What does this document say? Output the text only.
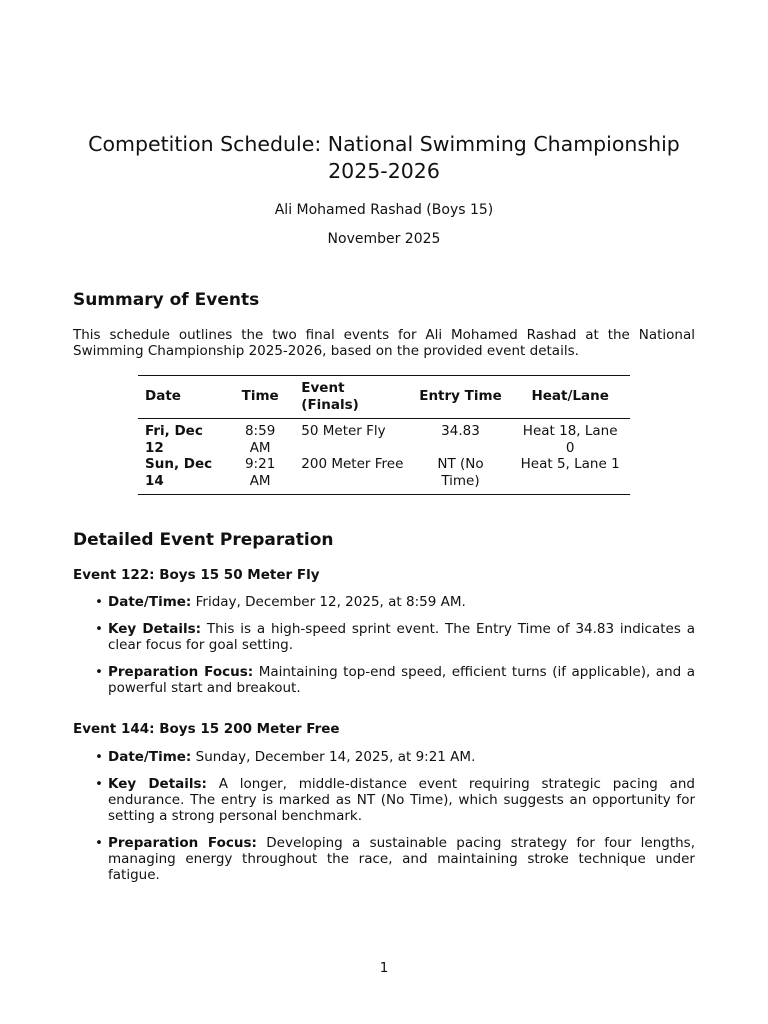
Competition Schedule: National Swimming Championship
2025-2026
Ali Mohamed Rashad (Boys 15)
November 2025
Summary of Events

This schedule outlines the two final events for Ali Mohamed Rashad at the National Swimming Championship 2025-2026, based on the provided event details.

Date	Time	Event (Finals)	Entry Time	Heat/Lane
Fri, Dec 12	8:59 AM	50 Meter Fly	34.83	Heat 18, Lane 0
Sun, Dec 14	9:21 AM	200 Meter Free	NT (No Time)	Heat 5, Lane 1
Detailed Event Preparation
Event 122: Boys 15 50 Meter Fly
• Date/Time: Friday, December 12, 2025, at 8:59 AM.
• Key Details: This is a high-speed sprint event. The Entry Time of 34.83 indicates a clear focus for goal setting.
• Preparation Focus: Maintaining top-end speed, efficient turns (if applicable), and a powerful start and breakout.
Event 144: Boys 15 200 Meter Free
• Date/Time: Sunday, December 14, 2025, at 9:21 AM.
• Key Details: A longer, middle-distance event requiring strategic pacing and endurance. The entry is marked as NT (No Time), which suggests an opportunity for setting a strong personal benchmark.
• Preparation Focus: Developing a sustainable pacing strategy for four lengths, managing energy throughout the race, and maintaining stroke technique under fatigue.
1
